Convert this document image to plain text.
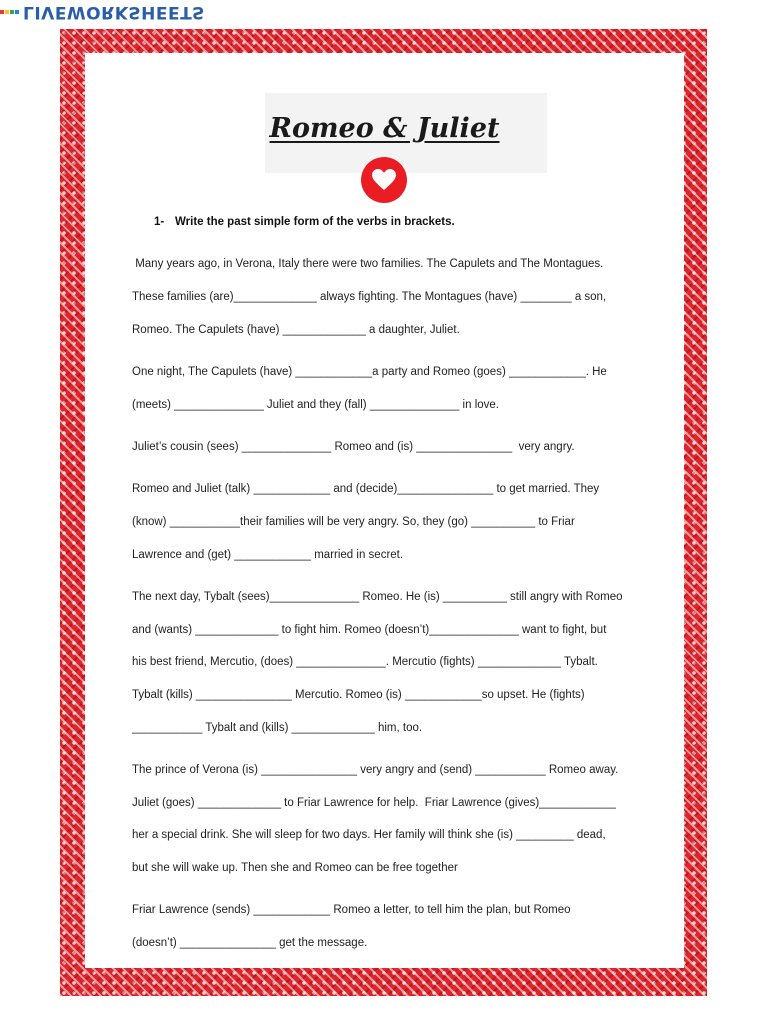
LIVEWORKSHEETS
Romeo & Juliet
1- Write the past simple form of the verbs in brackets.
Many years ago, in Verona, Italy there were two families. The Capulets and The Montagues.
These families (are)_____________ always fighting. The Montagues (have) ________ a son,
Romeo. The Capulets (have) _____________ a daughter, Juliet.
One night, The Capulets (have) ____________a party and Romeo (goes) ____________. He
(meets) ______________ Juliet and they (fall) ______________ in love.
Juliet’s cousin (sees) ______________ Romeo and (is) _______________  very angry.
Romeo and Juliet (talk) ____________ and (decide)_______________ to get married. They
(know) ___________their families will be very angry. So, they (go) __________ to Friar
Lawrence and (get) ____________ married in secret.
The next day, Tybalt (sees)______________ Romeo. He (is) __________ still angry with Romeo
and (wants) _____________ to fight him. Romeo (doesn’t)______________ want to fight, but
his best friend, Mercutio, (does) ______________. Mercutio (fights) _____________ Tybalt.
Tybalt (kills) _______________ Mercutio. Romeo (is) ____________so upset. He (fights)
___________ Tybalt and (kills) _____________ him, too.
The prince of Verona (is) _______________ very angry and (send) ___________ Romeo away.
Juliet (goes) _____________ to Friar Lawrence for help.  Friar Lawrence (gives)____________
her a special drink. She will sleep for two days. Her family will think she (is) _________ dead,
but she will wake up. Then she and Romeo can be free together
Friar Lawrence (sends) ____________ Romeo a letter, to tell him the plan, but Romeo
(doesn’t) _______________ get the message.
